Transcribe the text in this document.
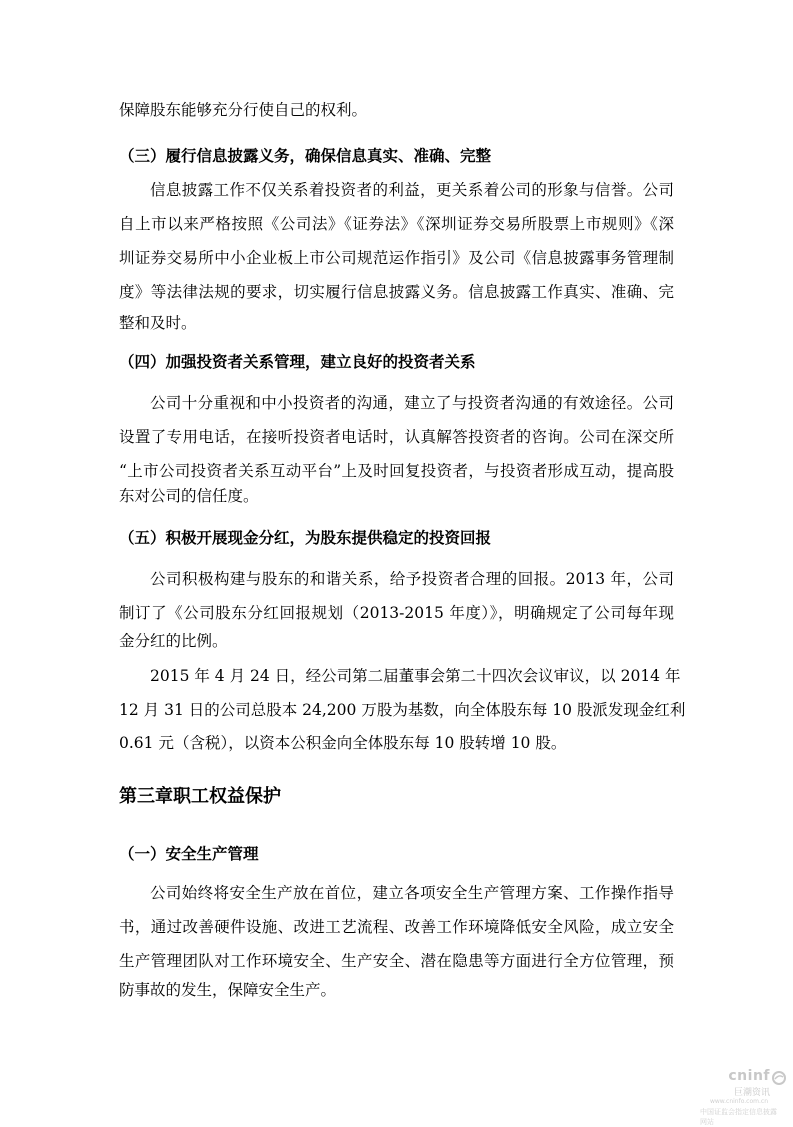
保障股东能够充分行使自己的权利。
（三）履行信息披露义务，确保信息真实、准确、完整
信息披露工作不仅关系着投资者的利益，更关系着公司的形象与信誉。公司
自上市以来严格按照《公司法》《证券法》《深圳证券交易所股票上市规则》《深
圳证券交易所中小企业板上市公司规范运作指引》及公司《信息披露事务管理制
度》等法律法规的要求，切实履行信息披露义务。信息披露工作真实、准确、完
整和及时。
（四）加强投资者关系管理，建立良好的投资者关系
公司十分重视和中小投资者的沟通，建立了与投资者沟通的有效途径。公司
设置了专用电话，在接听投资者电话时，认真解答投资者的咨询。公司在深交所
“上市公司投资者关系互动平台”上及时回复投资者，与投资者形成互动，提高股
东对公司的信任度。
（五）积极开展现金分红，为股东提供稳定的投资回报
公司积极构建与股东的和谐关系，给予投资者合理的回报。2013 年，公司
制订了《公司股东分红回报规划（2013-2015 年度）》，明确规定了公司每年现
金分红的比例。
2015 年 4 月 24 日，经公司第二届董事会第二十四次会议审议，以 2014 年
12 月 31 日的公司总股本 24,200 万股为基数，向全体股东每 10 股派发现金红利
0.61 元（含税），以资本公积金向全体股东每 10 股转增 10 股。
第三章职工权益保护
（一）安全生产管理
公司始终将安全生产放在首位，建立各项安全生产管理方案、工作操作指导
书，通过改善硬件设施、改进工艺流程、改善工作环境降低安全风险，成立安全
生产管理团队对工作环境安全、生产安全、潜在隐患等方面进行全方位管理，预
防事故的发生，保障安全生产。
cninf
巨潮资讯
www.cninfo.com.cn
中国证监会指定信息披露网站
